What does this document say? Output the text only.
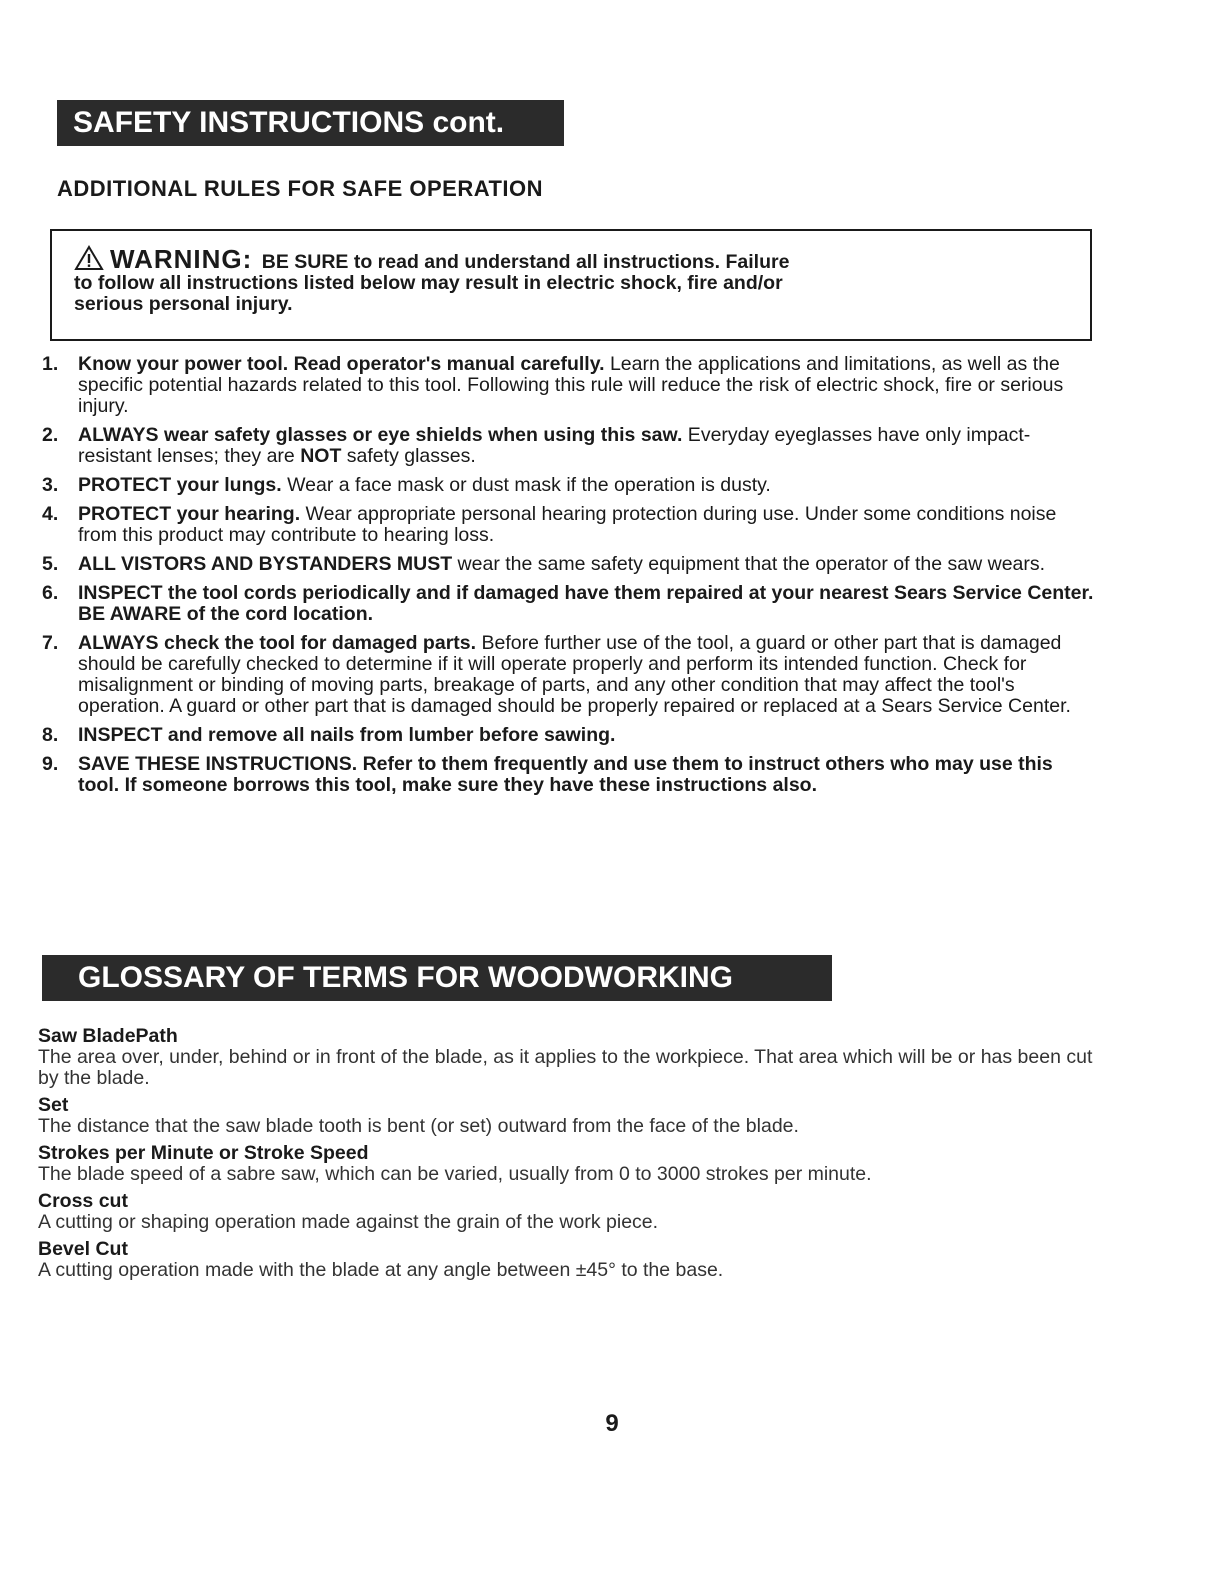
SAFETY INSTRUCTIONS cont.
ADDITIONAL RULES FOR SAFE OPERATION
WARNING: BE SURE to read and understand all instructions. Failure
to follow all instructions listed below may result in electric shock, fire and/or
serious personal injury.
1. Know your power tool. Read operator's manual carefully. Learn the applications and limitations, as well as the specific potential hazards related to this tool. Following this rule will reduce the risk of electric shock, fire or serious injury.
2. ALWAYS wear safety glasses or eye shields when using this saw. Everyday eyeglasses have only impact-resistant lenses; they are NOT safety glasses.
3. PROTECT your lungs. Wear a face mask or dust mask if the operation is dusty.
4. PROTECT your hearing. Wear appropriate personal hearing protection during use. Under some conditions noise from this product may contribute to hearing loss.
5. ALL VISTORS AND BYSTANDERS MUST wear the same safety equipment that the operator of the saw wears.
6. INSPECT the tool cords periodically and if damaged have them repaired at your nearest Sears Service Center. BE AWARE of the cord location.
7. ALWAYS check the tool for damaged parts. Before further use of the tool, a guard or other part that is damaged should be carefully checked to determine if it will operate properly and perform its intended function. Check for misalignment or binding of moving parts, breakage of parts, and any other condition that may affect the tool's operation. A guard or other part that is damaged should be properly repaired or replaced at a Sears Service Center.
8. INSPECT and remove all nails from lumber before sawing.
9. SAVE THESE INSTRUCTIONS. Refer to them frequently and use them to instruct others who may use this tool. If someone borrows this tool, make sure they have these instructions also.
GLOSSARY OF TERMS FOR WOODWORKING
Saw BladePath
The area over, under, behind or in front of the blade, as it applies to the workpiece. That area which will be or has been cut by the blade.
Set
The distance that the saw blade tooth is bent (or set) outward from the face of the blade.
Strokes per Minute or Stroke Speed
The blade speed of a sabre saw, which can be varied, usually from 0 to 3000 strokes per minute.
Cross cut
A cutting or shaping operation made against the grain of the work piece.
Bevel Cut
A cutting operation made with the blade at any angle between ±45° to the base.
9
